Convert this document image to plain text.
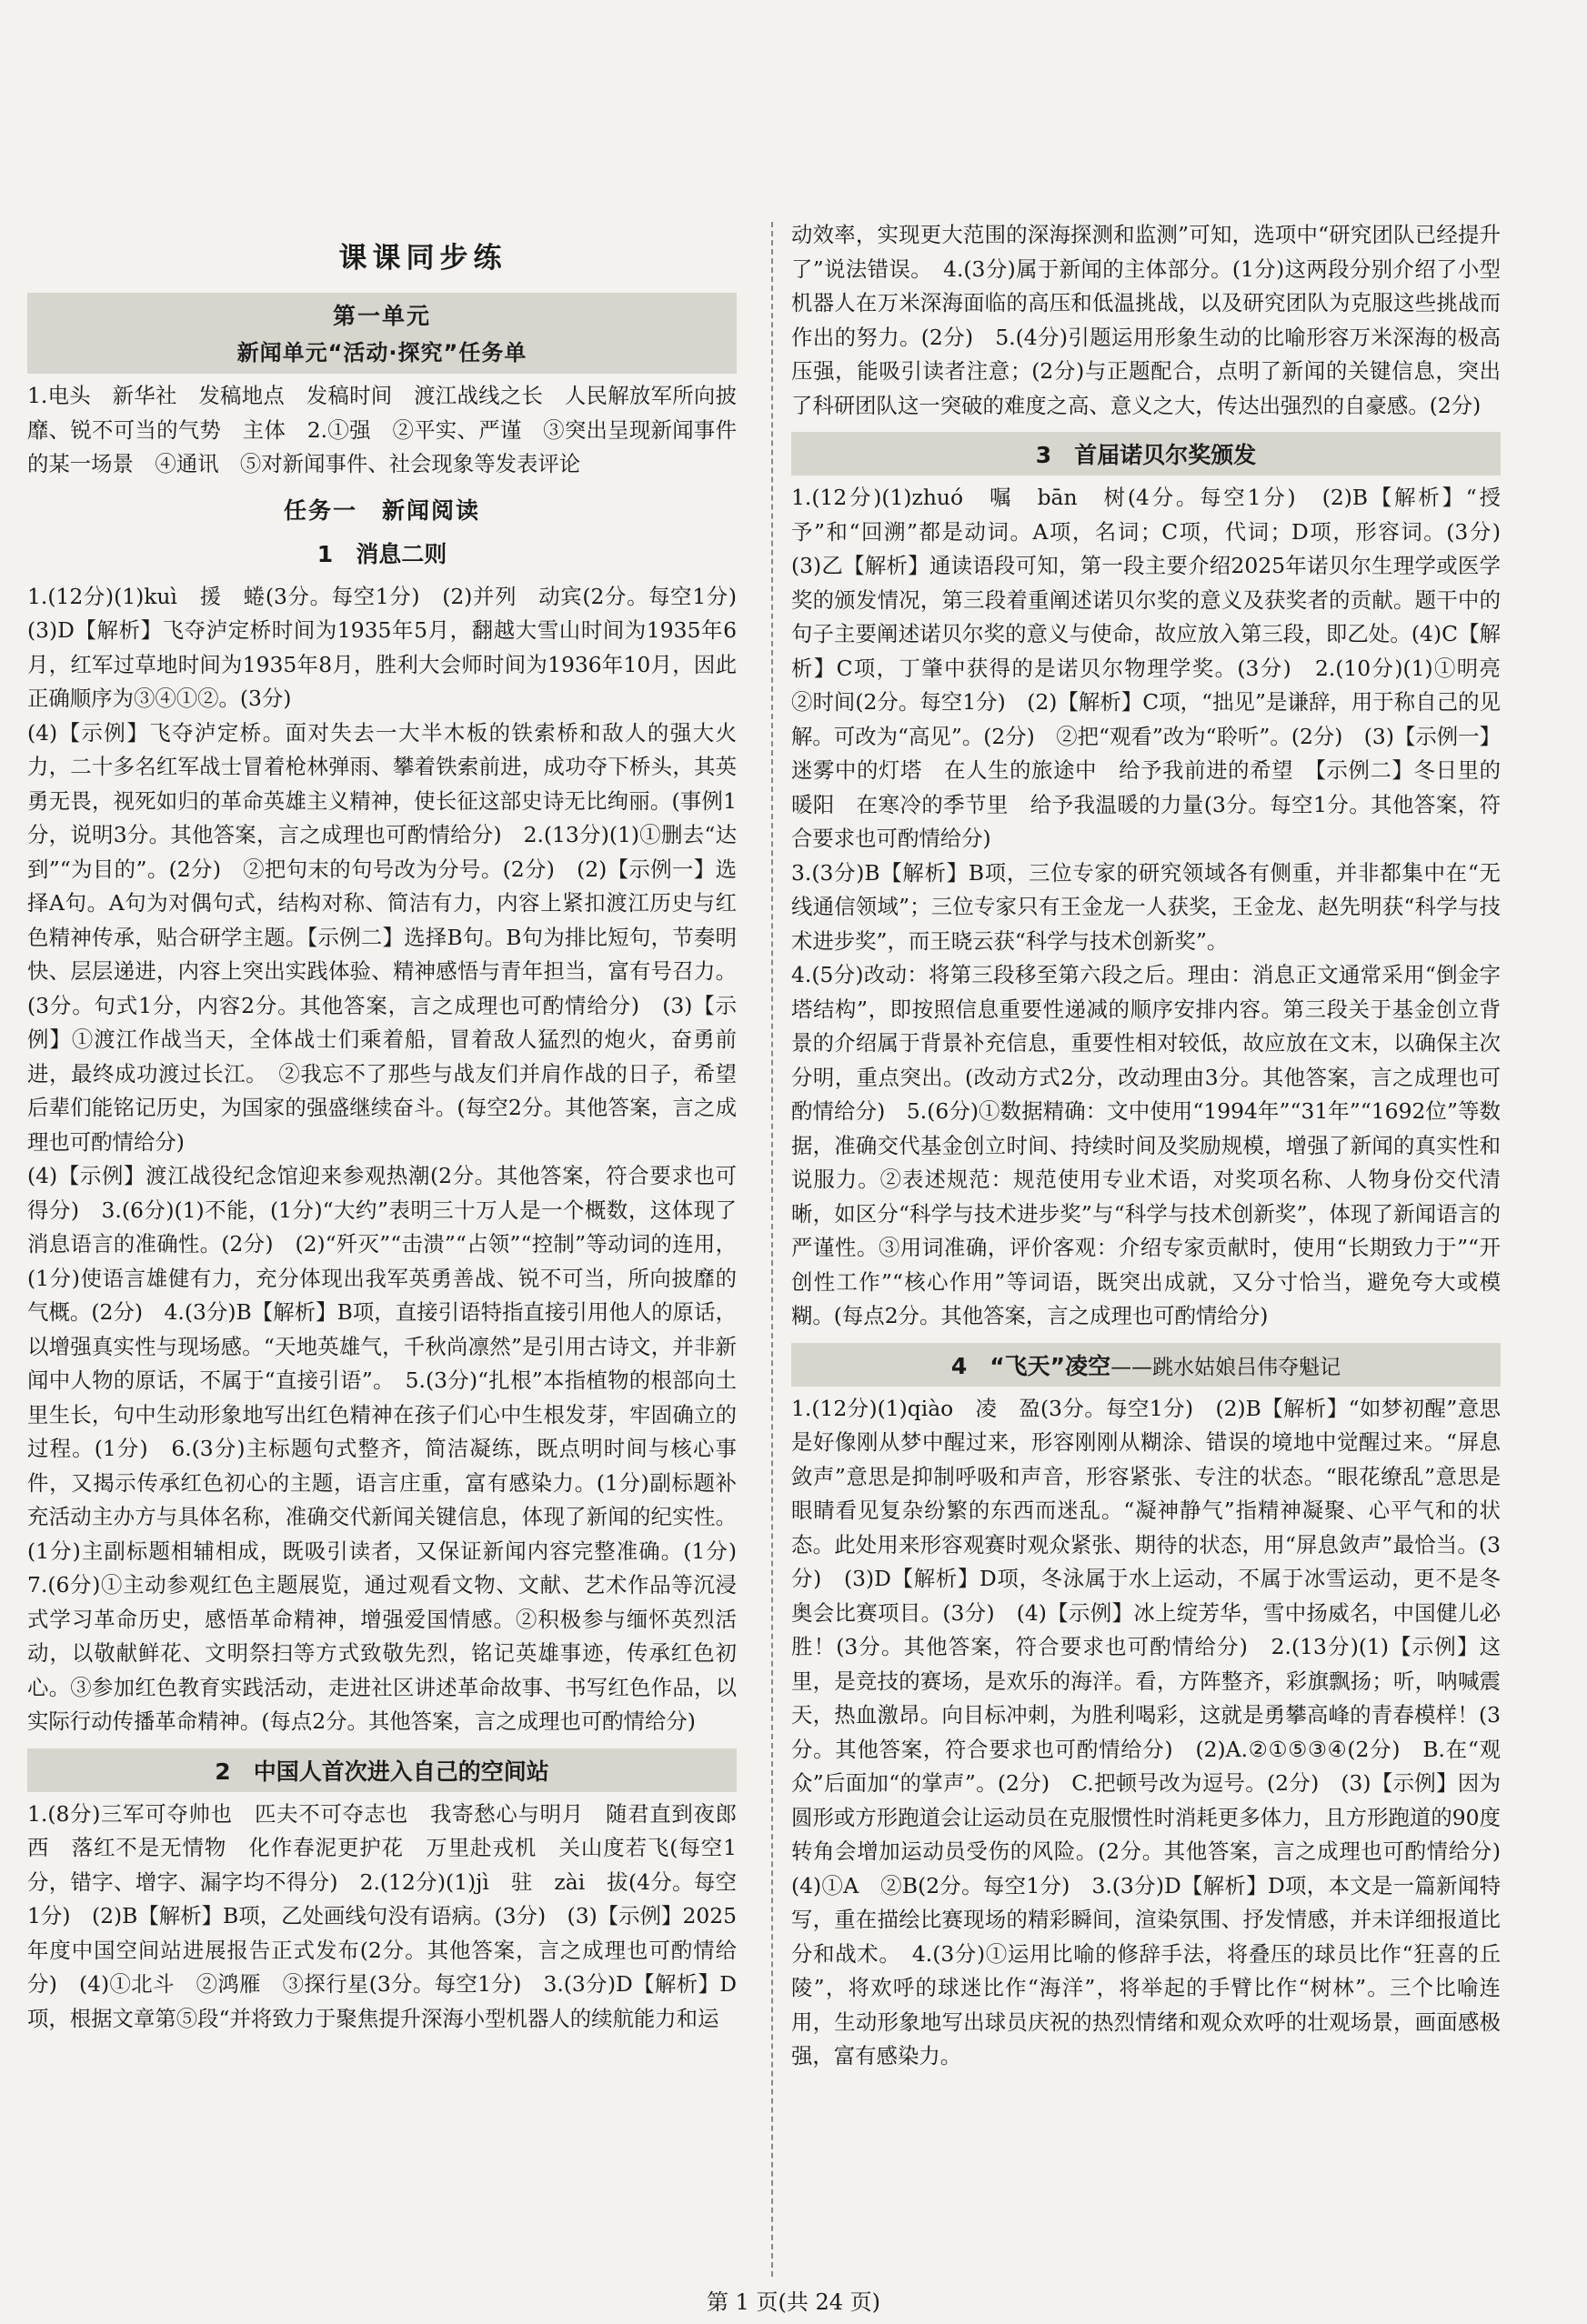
课课同步练

第一单元

新闻单元“活动·探究”任务单

1.电头　新华社　发稿地点　发稿时间　渡江战线之长　人民解放军所向披靡、锐不可当的气势　主体　2.①强　②平实、严谨　③突出呈现新闻事件的某一场景　④通讯　⑤对新闻事件、社会现象等发表评论

任务一　新闻阅读
1　消息二则

1.(12分)(1)kuì　援　蜷(3分。每空1分)　(2)并列　动宾(2分。每空1分)　(3)D【解析】飞夺泸定桥时间为1935年5月，翻越大雪山时间为1935年6月，红军过草地时间为1935年8月，胜利大会师时间为1936年10月，因此正确顺序为③④①②。(3分)

(4)【示例】飞夺泸定桥。面对失去一大半木板的铁索桥和敌人的强大火力，二十多名红军战士冒着枪林弹雨、攀着铁索前进，成功夺下桥头，其英勇无畏，视死如归的革命英雄主义精神，使长征这部史诗无比绚丽。(事例1分，说明3分。其他答案，言之成理也可酌情给分)　2.(13分)(1)①删去“达到”“为目的”。(2分)　②把句末的句号改为分号。(2分)　(2)【示例一】选择A句。A句为对偶句式，结构对称、简洁有力，内容上紧扣渡江历史与红色精神传承，贴合研学主题。【示例二】选择B句。B句为排比短句，节奏明快、层层递进，内容上突出实践体验、精神感悟与青年担当，富有号召力。(3分。句式1分，内容2分。其他答案，言之成理也可酌情给分)　(3)【示例】①渡江作战当天，全体战士们乘着船，冒着敌人猛烈的炮火，奋勇前进，最终成功渡过长江。　②我忘不了那些与战友们并肩作战的日子，希望后辈们能铭记历史，为国家的强盛继续奋斗。(每空2分。其他答案，言之成理也可酌情给分)

(4)【示例】渡江战役纪念馆迎来参观热潮(2分。其他答案，符合要求也可得分)　3.(6分)(1)不能，(1分)“大约”表明三十万人是一个概数，这体现了消息语言的准确性。(2分)　(2)“歼灭”“击溃”“占领”“控制”等动词的连用，(1分)使语言雄健有力，充分体现出我军英勇善战、锐不可当，所向披靡的气概。(2分)　4.(3分)B【解析】B项，直接引语特指直接引用他人的原话，以增强真实性与现场感。“天地英雄气，千秋尚凛然”是引用古诗文，并非新闻中人物的原话，不属于“直接引语”。　5.(3分)“扎根”本指植物的根部向土里生长，句中生动形象地写出红色精神在孩子们心中生根发芽，牢固确立的过程。(1分)　6.(3分)主标题句式整齐，简洁凝练，既点明时间与核心事件，又揭示传承红色初心的主题，语言庄重，富有感染力。(1分)副标题补充活动主办方与具体名称，准确交代新闻关键信息，体现了新闻的纪实性。(1分)主副标题相辅相成，既吸引读者，又保证新闻内容完整准确。(1分)　7.(6分)①主动参观红色主题展览，通过观看文物、文献、艺术作品等沉浸式学习革命历史，感悟革命精神，增强爱国情感。②积极参与缅怀英烈活动，以敬献鲜花、文明祭扫等方式致敬先烈，铭记英雄事迹，传承红色初心。③参加红色教育实践活动，走进社区讲述革命故事、书写红色作品，以实际行动传播革命精神。(每点2分。其他答案，言之成理也可酌情给分)

2　中国人首次进入自己的空间站

1.(8分)三军可夺帅也　匹夫不可夺志也　我寄愁心与明月　随君直到夜郎西　落红不是无情物　化作春泥更护花　万里赴戎机　关山度若飞(每空1分，错字、增字、漏字均不得分)　2.(12分)(1)jì　驻　zài　拔(4分。每空1分)　(2)B【解析】B项，乙处画线句没有语病。(3分)　(3)【示例】2025年度中国空间站进展报告正式发布(2分。其他答案，言之成理也可酌情给分)　(4)①北斗　②鸿雁　③探行星(3分。每空1分)　3.(3分)D【解析】D项，根据文章第⑤段“并将致力于聚焦提升深海小型机器人的续航能力和运

动效率，实现更大范围的深海探测和监测”可知，选项中“研究团队已经提升了”说法错误。　4.(3分)属于新闻的主体部分。(1分)这两段分别介绍了小型机器人在万米深海面临的高压和低温挑战，以及研究团队为克服这些挑战而作出的努力。(2分)　5.(4分)引题运用形象生动的比喻形容万米深海的极高压强，能吸引读者注意；(2分)与正题配合，点明了新闻的关键信息，突出了科研团队这一突破的难度之高、意义之大，传达出强烈的自豪感。(2分)

3　首届诺贝尔奖颁发

1.(12分)(1)zhuó　嘱　bān　树(4分。每空1分)　(2)B【解析】“授予”和“回溯”都是动词。A项，名词；C项，代词；D项，形容词。(3分)　(3)乙【解析】通读语段可知，第一段主要介绍2025年诺贝尔生理学或医学奖的颁发情况，第三段着重阐述诺贝尔奖的意义及获奖者的贡献。题干中的句子主要阐述诺贝尔奖的意义与使命，故应放入第三段，即乙处。(4)C【解析】C项，丁肇中获得的是诺贝尔物理学奖。(3分)　2.(10分)(1)①明亮　②时间(2分。每空1分)　(2)【解析】C项，“拙见”是谦辞，用于称自己的见解。可改为“高见”。(2分)　②把“观看”改为“聆听”。(2分)　(3)【示例一】迷雾中的灯塔　在人生的旅途中　给予我前进的希望　【示例二】冬日里的暖阳　在寒冷的季节里　给予我温暖的力量(3分。每空1分。其他答案，符合要求也可酌情给分)

3.(3分)B【解析】B项，三位专家的研究领域各有侧重，并非都集中在“无线通信领域”；三位专家只有王金龙一人获奖，王金龙、赵先明获“科学与技术进步奖”，而王晓云获“科学与技术创新奖”。

4.(5分)改动：将第三段移至第六段之后。理由：消息正文通常采用“倒金字塔结构”，即按照信息重要性递减的顺序安排内容。第三段关于基金创立背景的介绍属于背景补充信息，重要性相对较低，故应放在文末，以确保主次分明，重点突出。(改动方式2分，改动理由3分。其他答案，言之成理也可酌情给分)　5.(6分)①数据精确：文中使用“1994年”“31年”“1692位”等数据，准确交代基金创立时间、持续时间及奖励规模，增强了新闻的真实性和说服力。②表述规范：规范使用专业术语，对奖项名称、人物身份交代清晰，如区分“科学与技术进步奖”与“科学与技术创新奖”，体现了新闻语言的严谨性。③用词准确，评价客观：介绍专家贡献时，使用“长期致力于”“开创性工作”“核心作用”等词语，既突出成就，又分寸恰当，避免夸大或模糊。(每点2分。其他答案，言之成理也可酌情给分)

4　“飞天”凌空——跳水姑娘吕伟夺魁记

1.(12分)(1)qiào　凌　盈(3分。每空1分)　(2)B【解析】“如梦初醒”意思是好像刚从梦中醒过来，形容刚刚从糊涂、错误的境地中觉醒过来。“屏息敛声”意思是抑制呼吸和声音，形容紧张、专注的状态。“眼花缭乱”意思是眼睛看见复杂纷繁的东西而迷乱。“凝神静气”指精神凝聚、心平气和的状态。此处用来形容观赛时观众紧张、期待的状态，用“屏息敛声”最恰当。(3分)　(3)D【解析】D项，冬泳属于水上运动，不属于冰雪运动，更不是冬奥会比赛项目。(3分)　(4)【示例】冰上绽芳华，雪中扬威名，中国健儿必胜！(3分。其他答案，符合要求也可酌情给分)　2.(13分)(1)【示例】这里，是竞技的赛场，是欢乐的海洋。看，方阵整齐，彩旗飘扬；听，呐喊震天，热血激昂。向目标冲刺，为胜利喝彩，这就是勇攀高峰的青春模样！(3分。其他答案，符合要求也可酌情给分)　(2)A.②①⑤③④(2分)　B.在“观众”后面加“的掌声”。(2分)　C.把顿号改为逗号。(2分)　(3)【示例】因为圆形或方形跑道会让运动员在克服惯性时消耗更多体力，且方形跑道的90度转角会增加运动员受伤的风险。(2分。其他答案，言之成理也可酌情给分)　(4)①A　②B(2分。每空1分)　3.(3分)D【解析】D项，本文是一篇新闻特写，重在描绘比赛现场的精彩瞬间，渲染氛围、抒发情感，并未详细报道比分和战术。　4.(3分)①运用比喻的修辞手法，将叠压的球员比作“狂喜的丘陵”，将欢呼的球迷比作“海洋”，将举起的手臂比作“树林”。三个比喻连用，生动形象地写出球员庆祝的热烈情绪和观众欢呼的壮观场景，画面感极强，富有感染力。

第 1 页(共 24 页)
